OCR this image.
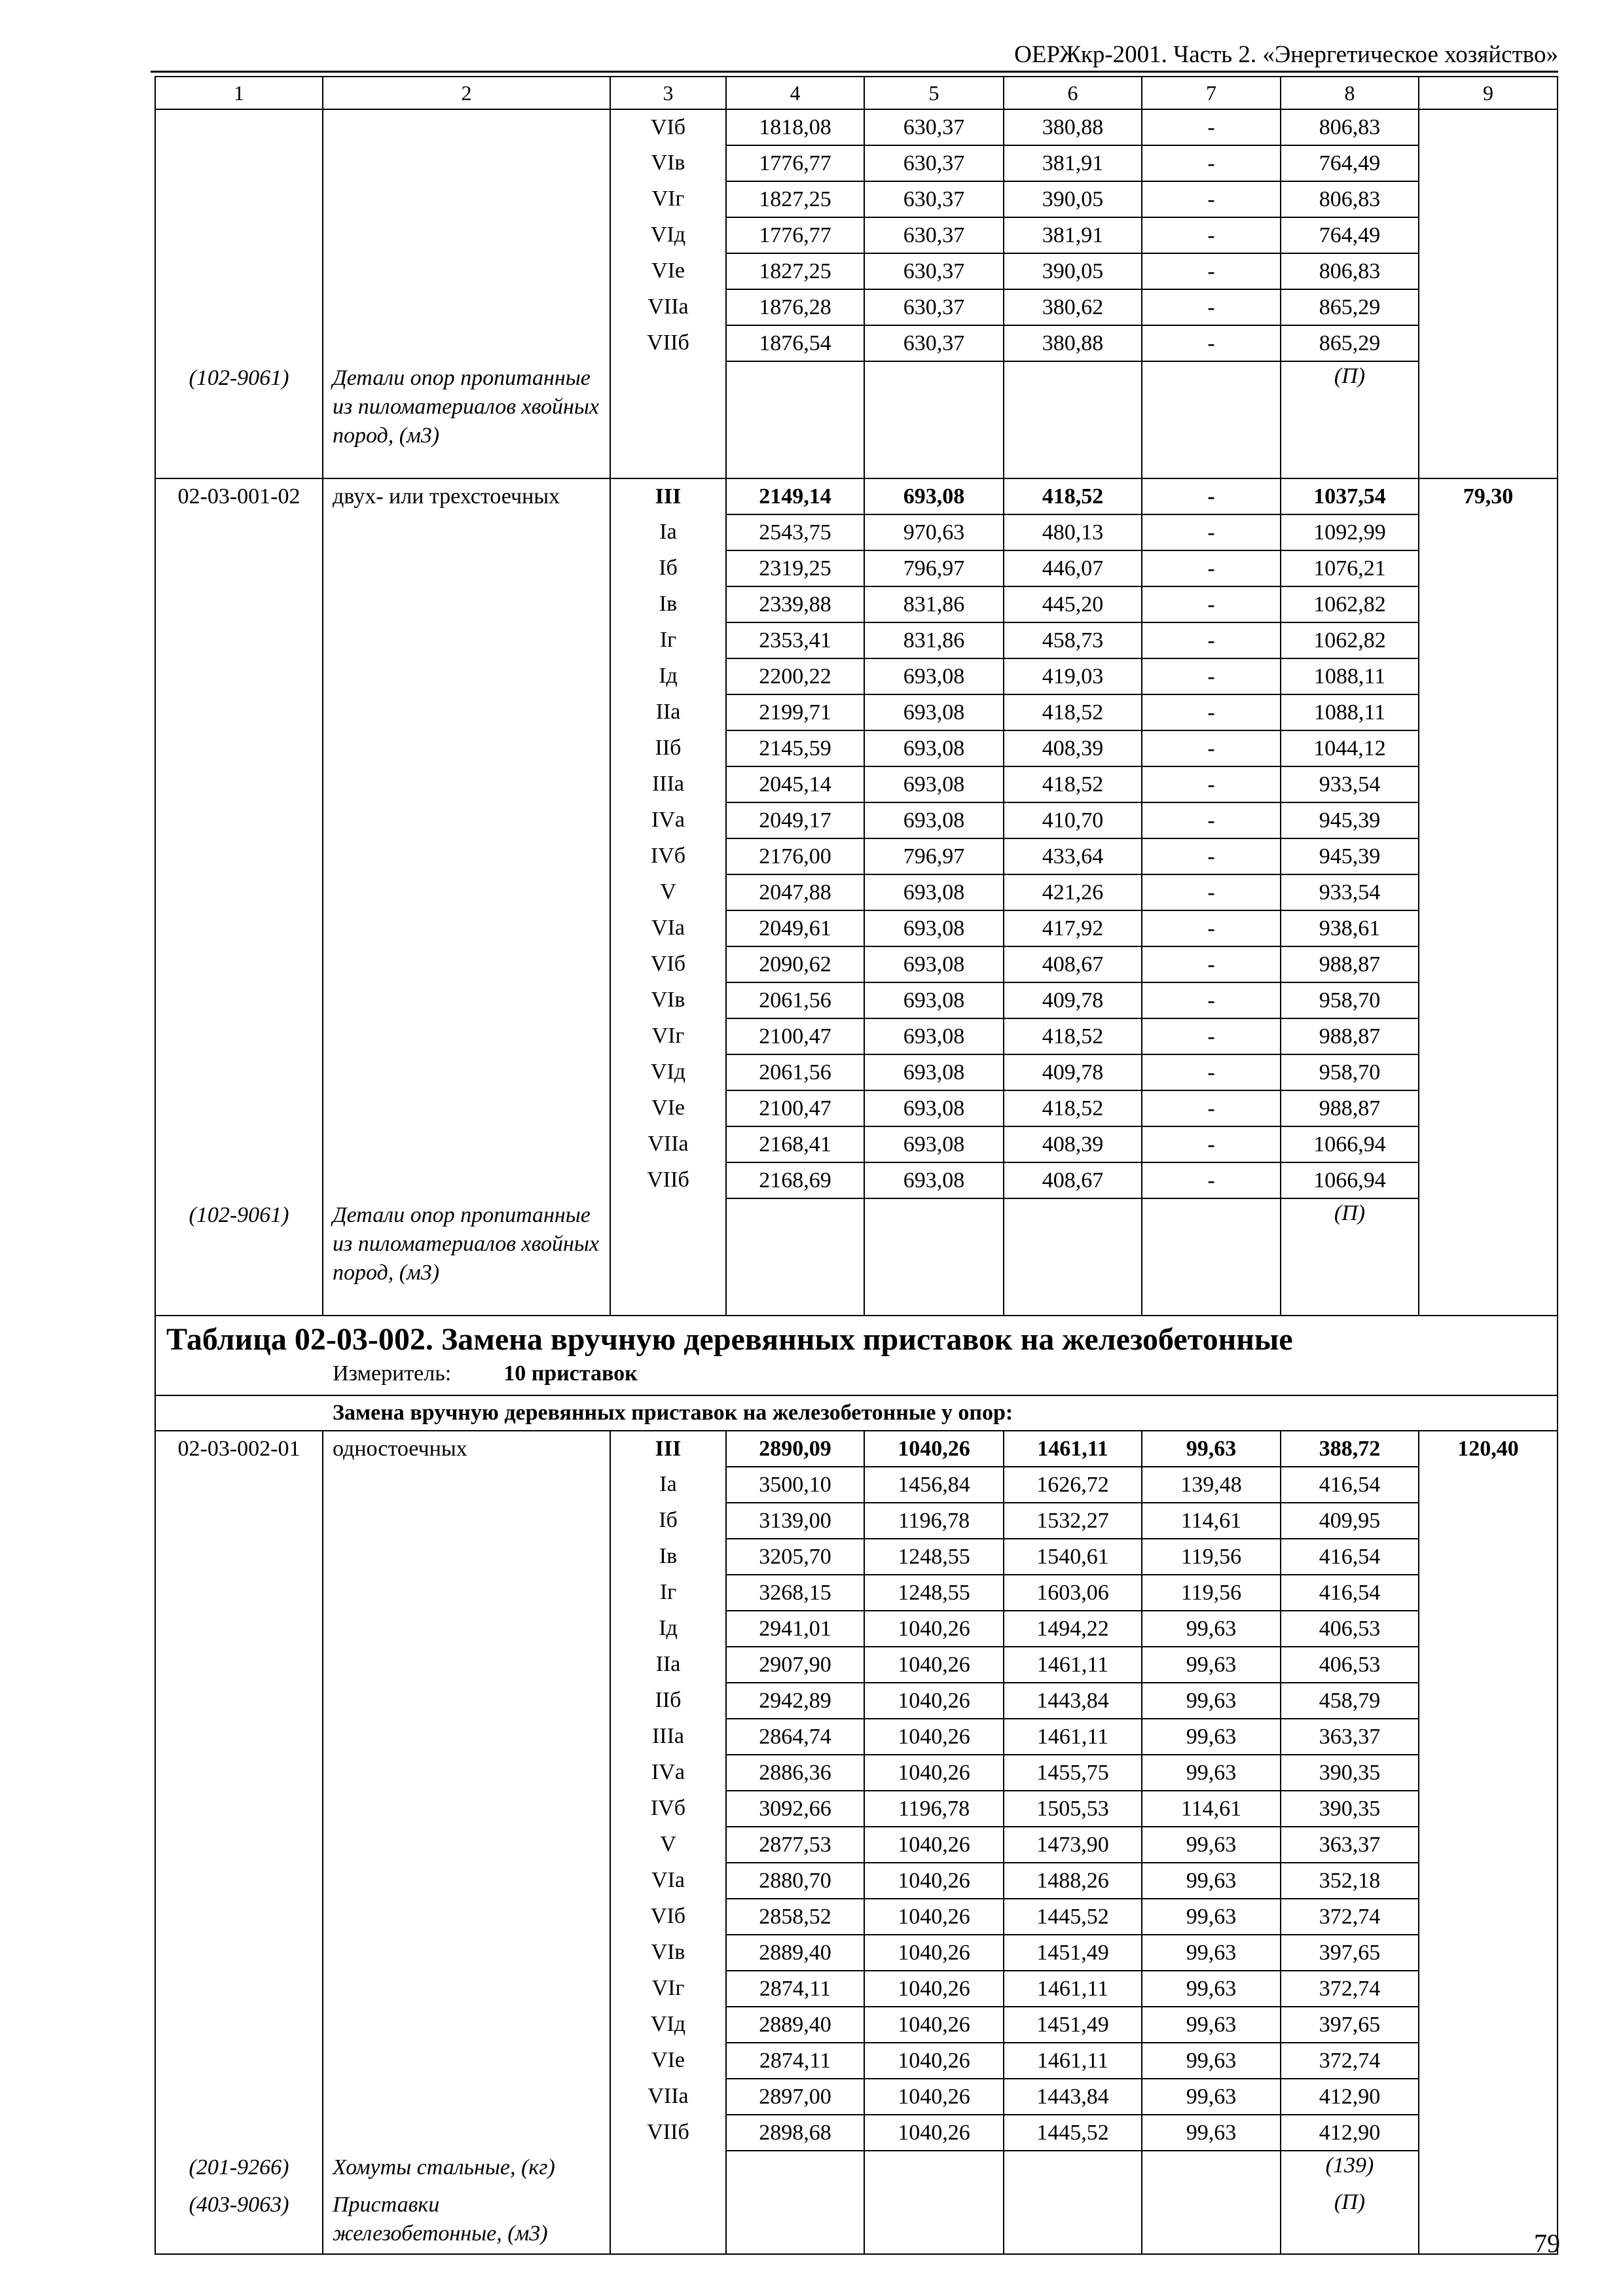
ОЕРЖкр-2001. Часть 2. «Энергетическое хозяйство»
1	2	3	4	5	6	7	8	9
		VIб	1818,08	630,37	380,88	-	806,83	
		VIв	1776,77	630,37	381,91	-	764,49	
		VIг	1827,25	630,37	390,05	-	806,83	
		VIд	1776,77	630,37	381,91	-	764,49	
		VIе	1827,25	630,37	390,05	-	806,83	
		VIIа	1876,28	630,37	380,62	-	865,29	
		VIIб	1876,54	630,37	380,88	-	865,29	
(102-9061)	Детали опор пропитанные из пиломатериалов хвойных пород, (м3)						(П)	
02-03-001-02	двух- или трехстоечных	III	2149,14	693,08	418,52	-	1037,54	79,30
		Iа	2543,75	970,63	480,13	-	1092,99	
		Iб	2319,25	796,97	446,07	-	1076,21	
		Iв	2339,88	831,86	445,20	-	1062,82	
		Iг	2353,41	831,86	458,73	-	1062,82	
		Iд	2200,22	693,08	419,03	-	1088,11	
		IIа	2199,71	693,08	418,52	-	1088,11	
		IIб	2145,59	693,08	408,39	-	1044,12	
		IIIа	2045,14	693,08	418,52	-	933,54	
		IVа	2049,17	693,08	410,70	-	945,39	
		IVб	2176,00	796,97	433,64	-	945,39	
		V	2047,88	693,08	421,26	-	933,54	
		VIа	2049,61	693,08	417,92	-	938,61	
		VIб	2090,62	693,08	408,67	-	988,87	
		VIв	2061,56	693,08	409,78	-	958,70	
		VIг	2100,47	693,08	418,52	-	988,87	
		VIд	2061,56	693,08	409,78	-	958,70	
		VIе	2100,47	693,08	418,52	-	988,87	
		VIIа	2168,41	693,08	408,39	-	1066,94	
		VIIб	2168,69	693,08	408,67	-	1066,94	
(102-9061)	Детали опор пропитанные из пиломатериалов хвойных пород, (м3)						(П)	

Таблица 02-03-002. Замена вручную деревянных приставок на железобетонные
Измеритель: 10 приставок								

Замена вручную деревянных приставок на железобетонные у опор:								
02-03-002-01	одностоечных	III	2890,09	1040,26	1461,11	99,63	388,72	120,40
		Iа	3500,10	1456,84	1626,72	139,48	416,54	
		Iб	3139,00	1196,78	1532,27	114,61	409,95	
		Iв	3205,70	1248,55	1540,61	119,56	416,54	
		Iг	3268,15	1248,55	1603,06	119,56	416,54	
		Iд	2941,01	1040,26	1494,22	99,63	406,53	
		IIа	2907,90	1040,26	1461,11	99,63	406,53	
		IIб	2942,89	1040,26	1443,84	99,63	458,79	
		IIIа	2864,74	1040,26	1461,11	99,63	363,37	
		IVа	2886,36	1040,26	1455,75	99,63	390,35	
		IVб	3092,66	1196,78	1505,53	114,61	390,35	
		V	2877,53	1040,26	1473,90	99,63	363,37	
		VIа	2880,70	1040,26	1488,26	99,63	352,18	
		VIб	2858,52	1040,26	1445,52	99,63	372,74	
		VIв	2889,40	1040,26	1451,49	99,63	397,65	
		VIг	2874,11	1040,26	1461,11	99,63	372,74	
		VIд	2889,40	1040,26	1451,49	99,63	397,65	
		VIе	2874,11	1040,26	1461,11	99,63	372,74	
		VIIа	2897,00	1040,26	1443,84	99,63	412,90	
		VIIб	2898,68	1040,26	1445,52	99,63	412,90	
(201-9266)	Хомуты стальные, (кг)						(139)	
(403-9063)	Приставки железобетонные, (м3)						(П)	
79
